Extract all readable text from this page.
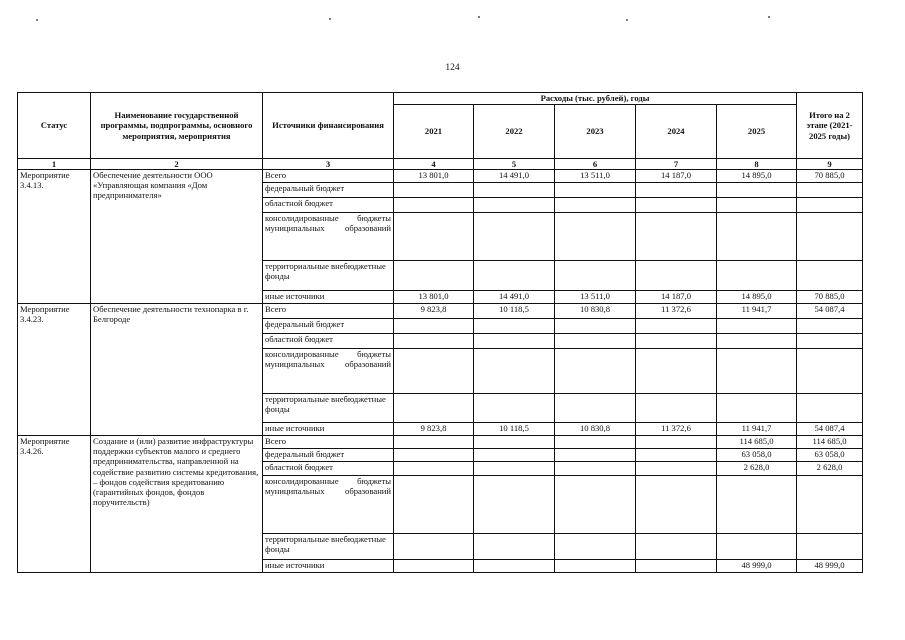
124
Статус	Наименование государственной программы, подпрограммы, основного мероприятия, мероприятия	Источники финансирования	Расходы (тыс. рублей), годы					Итого на 2 этапе (2021-2025 годы)
			2021	2022	2023	2024	2025	
1	2	3	4	5	6	7	8	9
Мероприятие 3.4.13.	Обеспечение деятельности ООО «Управляющая компания «Дом предпринимателя»	Всего	13 801,0	14 491,0	13 511,0	14 187,0	14 895,0	70 885,0
		федеральный бюджет						
		областной бюджет						
		консолидированные бюджеты муниципальных образований						
		территориальные внебюджетные фонды						
		иные источники	13 801,0	14 491,0	13 511,0	14 187,0	14 895,0	70 885,0
Мероприятие 3.4.23.	Обеспечение деятельности технопарка в г. Белгороде	Всего	9 823,8	10 118,5	10 830,8	11 372,6	11 941,7	54 087,4
		федеральный бюджет						
		областной бюджет						
		консолидированные бюджеты муниципальных образований						
		территориальные внебюджетные фонды						
		иные источники	9 823,8	10 118,5	10 830,8	11 372,6	11 941,7	54 087,4
Мероприятие 3.4.26.	Создание и (или) развитие инфраструктуры поддержки субъектов малого и среднего предпринимательства, направленной на содействие развитию системы кредитования, – фондов содействия кредитованию (гарантийных фондов, фондов поручительств)	Всего					114 685,0	114 685,0
		федеральный бюджет					63 058,0	63 058,0
		областной бюджет					2 628,0	2 628,0
		консолидированные бюджеты муниципальных образований						
		территориальные внебюджетные фонды						
		иные источники					48 999,0	48 999,0
